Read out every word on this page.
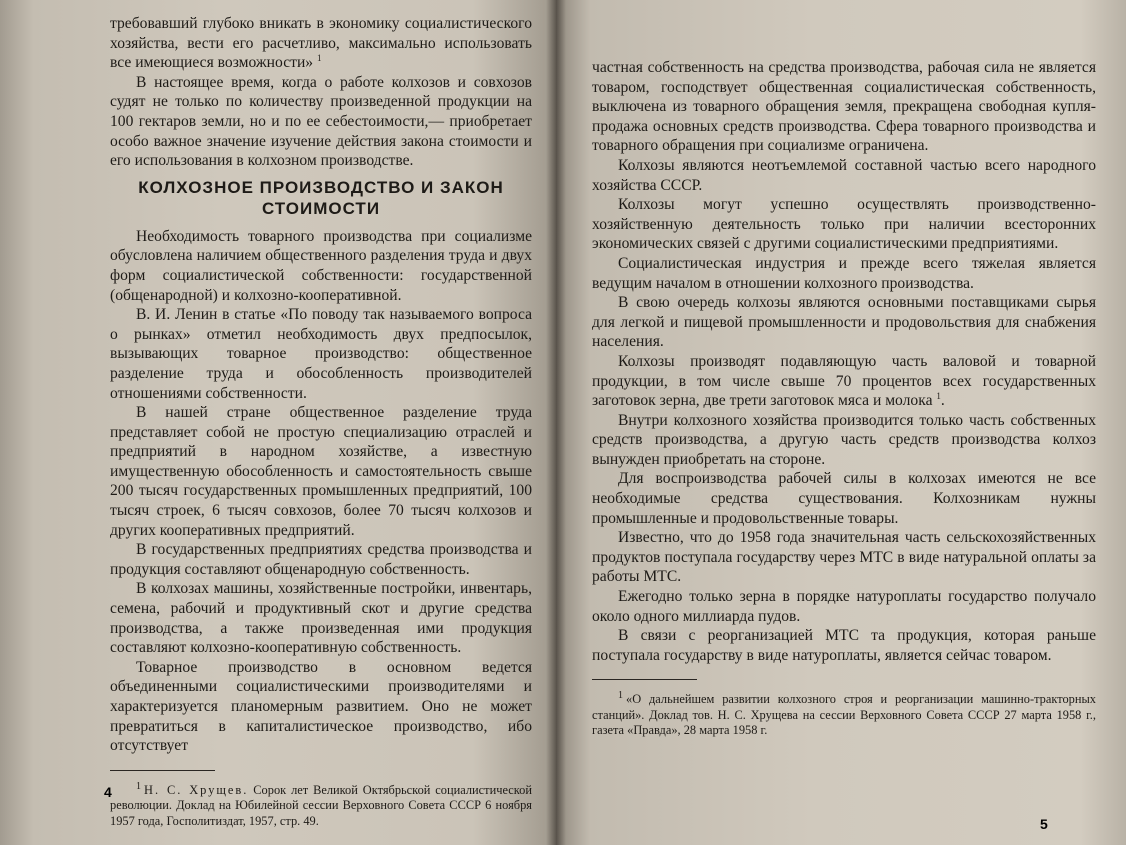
требовавший глубоко вникать в экономику социалистического хозяйства, вести его расчетливо, максимально использовать все имеющиеся возможности» $^1$

В настоящее время, когда о работе колхозов и совхозов судят не только по количеству произведенной продукции на 100 гектаров земли, но и по ее себестоимости,— приобретает особо важное значение изучение действия закона стоимости и его использования в колхозном производстве.

КОЛХОЗНОЕ ПРОИЗВОДСТВО И ЗАКОН СТОИМОСТИ

Необходимость товарного производства при социализме обусловлена наличием общественного разделения труда и двух форм социалистической собственности: государственной (общенародной) и колхозно-кооперативной.

В. И. Ленин в статье «По поводу так называемого вопроса о рынках» отметил необходимость двух предпосылок, вызывающих товарное производство: общественное разделение труда и обособленность производителей отношениями собственности.

В нашей стране общественное разделение труда представляет собой не простую специализацию отраслей и предприятий в народном хозяйстве, а известную имущественную обособленность и самостоятельность свыше 200 тысяч государственных промышленных предприятий, 100 тысяч строек, 6 тысяч совхозов, более 70 тысяч колхозов и других кооперативных предприятий.

В государственных предприятиях средства производства и продукция составляют общенародную собственность.

В колхозах машины, хозяйственные постройки, инвентарь, семена, рабочий и продуктивный скот и другие средства производства, а также произведенная ими продукция составляют колхозно-кооперативную собственность.

Товарное производство в основном ведется объединенными социалистическими производителями и характеризуется планомерным развитием. Оно не может превратиться в капиталистическое производство, ибо отсутствует

$^1$ Н. С. Хрущев. Сорок лет Великой Октябрьской социалистической революции. Доклад на Юбилейной сессии Верховного Совета СССР 6 ноября 1957 года, Госполитиздат, 1957, стр. 49.

4

частная собственность на средства производства, рабочая сила не является товаром, господствует общественная социалистическая собственность, выключена из товарного обращения земля, прекращена свободная купля-продажа основных средств производства. Сфера товарного производства и товарного обращения при социализме ограничена.

Колхозы являются неотъемлемой составной частью всего народного хозяйства СССР.

Колхозы могут успешно осуществлять производственно-хозяйственную деятельность только при наличии всесторонних экономических связей с другими социалистическими предприятиями.

Социалистическая индустрия и прежде всего тяжелая является ведущим началом в отношении колхозного производства.

В свою очередь колхозы являются основными поставщиками сырья для легкой и пищевой промышленности и продовольствия для снабжения населения.

Колхозы производят подавляющую часть валовой и товарной продукции, в том числе свыше 70 процентов всех государственных заготовок зерна, две трети заготовок мяса и молока $^1$.

Внутри колхозного хозяйства производится только часть собственных средств производства, а другую часть средств производства колхоз вынужден приобретать на стороне.

Для воспроизводства рабочей силы в колхозах имеются не все необходимые средства существования. Колхозникам нужны промышленные и продовольственные товары.

Известно, что до 1958 года значительная часть сельскохозяйственных продуктов поступала государству через МТС в виде натуральной оплаты за работы МТС.

Ежегодно только зерна в порядке натуроплаты государство получало около одного миллиарда пудов.

В связи с реорганизацией МТС та продукция, которая раньше поступала государству в виде натуроплаты, является сейчас товаром.

$^1$ «О дальнейшем развитии колхозного строя и реорганизации машинно-тракторных станций». Доклад тов. Н. С. Хрущева на сессии Верховного Совета СССР 27 марта 1958 г., газета «Правда», 28 марта 1958 г.

5
